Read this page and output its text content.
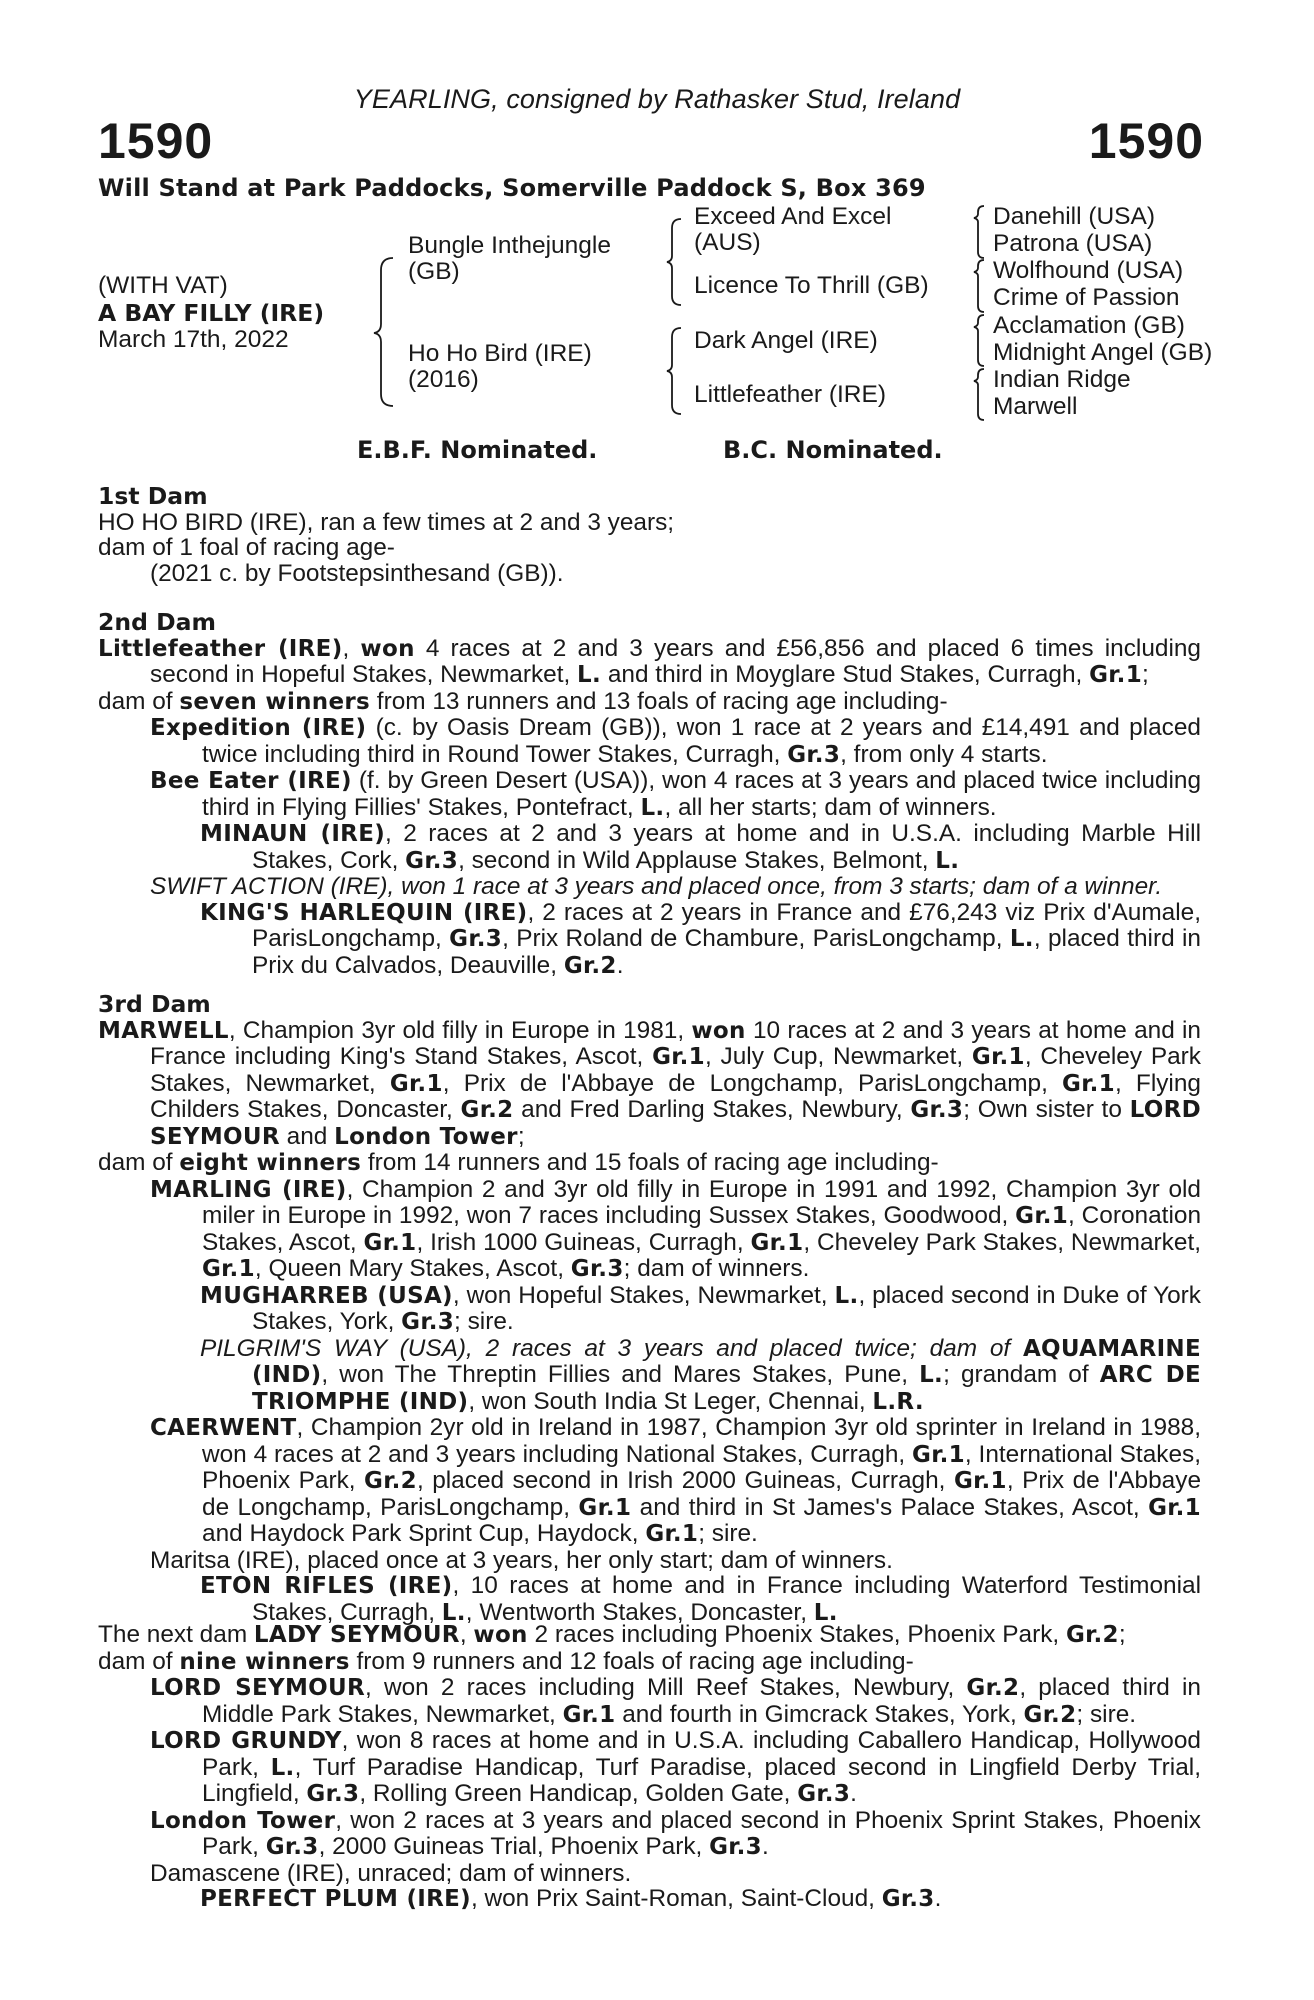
YEARLING, consigned by Rathasker Stud, Ireland
1590	1590
Will Stand at Park Paddocks, Somerville Paddock S, Box 369
(WITH VAT)
A BAY FILLY (IRE)
March 17th, 2022
Bungle Inthejungle
(GB)
Ho Ho Bird (IRE)
(2016)
Exceed And Excel
(AUS)
Licence To Thrill (GB)
Dark Angel (IRE)
Littlefeather (IRE)
Danehill (USA)
Patrona (USA)
Wolfhound (USA)
Crime of Passion
Acclamation (GB)
Midnight Angel (GB)
Indian Ridge
Marwell
E.B.F. Nominated.	B.C. Nominated.
1st Dam
HO HO BIRD (IRE), ran a few times at 2 and 3 years;
dam of 1 foal of racing age-
(2021 c. by Footstepsinthesand (GB)).
2nd Dam
Littlefeather (IRE), won 4 races at 2 and 3 years and £56,856 and placed 6 times including second in Hopeful Stakes, Newmarket, L. and third in Moyglare Stud Stakes, Curragh, Gr.1;
dam of seven winners from 13 runners and 13 foals of racing age including-
Expedition (IRE) (c. by Oasis Dream (GB)), won 1 race at 2 years and £14,491 and placed twice including third in Round Tower Stakes, Curragh, Gr.3, from only 4 starts.
Bee Eater (IRE) (f. by Green Desert (USA)), won 4 races at 3 years and placed twice including third in Flying Fillies' Stakes, Pontefract, L., all her starts; dam of winners.
MINAUN (IRE), 2 races at 2 and 3 years at home and in U.S.A. including Marble Hill Stakes, Cork, Gr.3, second in Wild Applause Stakes, Belmont, L.
SWIFT ACTION (IRE), won 1 race at 3 years and placed once, from 3 starts; dam of a winner.
KING'S HARLEQUIN (IRE), 2 races at 2 years in France and £76,243 viz Prix d'Aumale, ParisLongchamp, Gr.3, Prix Roland de Chambure, ParisLongchamp, L., placed third in Prix du Calvados, Deauville, Gr.2.
3rd Dam
MARWELL, Champion 3yr old filly in Europe in 1981, won 10 races at 2 and 3 years at home and in France including King's Stand Stakes, Ascot, Gr.1, July Cup, Newmarket, Gr.1, Cheveley Park Stakes, Newmarket, Gr.1, Prix de l'Abbaye de Longchamp, ParisLongchamp, Gr.1, Flying Childers Stakes, Doncaster, Gr.2 and Fred Darling Stakes, Newbury, Gr.3; Own sister to LORD SEYMOUR and London Tower;
dam of eight winners from 14 runners and 15 foals of racing age including-
MARLING (IRE), Champion 2 and 3yr old filly in Europe in 1991 and 1992, Champion 3yr old miler in Europe in 1992, won 7 races including Sussex Stakes, Goodwood, Gr.1, Coronation Stakes, Ascot, Gr.1, Irish 1000 Guineas, Curragh, Gr.1, Cheveley Park Stakes, Newmarket, Gr.1, Queen Mary Stakes, Ascot, Gr.3; dam of winners.
MUGHARREB (USA), won Hopeful Stakes, Newmarket, L., placed second in Duke of York Stakes, York, Gr.3; sire.
PILGRIM'S WAY (USA), 2 races at 3 years and placed twice; dam of AQUAMARINE (IND), won The Threptin Fillies and Mares Stakes, Pune, L.; grandam of ARC DE TRIOMPHE (IND), won South India St Leger, Chennai, L.R.
CAERWENT, Champion 2yr old in Ireland in 1987, Champion 3yr old sprinter in Ireland in 1988, won 4 races at 2 and 3 years including National Stakes, Curragh, Gr.1, International Stakes, Phoenix Park, Gr.2, placed second in Irish 2000 Guineas, Curragh, Gr.1, Prix de l'Abbaye de Longchamp, ParisLongchamp, Gr.1 and third in St James's Palace Stakes, Ascot, Gr.1 and Haydock Park Sprint Cup, Haydock, Gr.1; sire.
Maritsa (IRE), placed once at 3 years, her only start; dam of winners.
ETON RIFLES (IRE), 10 races at home and in France including Waterford Testimonial Stakes, Curragh, L., Wentworth Stakes, Doncaster, L.
The next dam LADY SEYMOUR, won 2 races including Phoenix Stakes, Phoenix Park, Gr.2;
dam of nine winners from 9 runners and 12 foals of racing age including-
LORD SEYMOUR, won 2 races including Mill Reef Stakes, Newbury, Gr.2, placed third in Middle Park Stakes, Newmarket, Gr.1 and fourth in Gimcrack Stakes, York, Gr.2; sire.
LORD GRUNDY, won 8 races at home and in U.S.A. including Caballero Handicap, Hollywood Park, L., Turf Paradise Handicap, Turf Paradise, placed second in Lingfield Derby Trial, Lingfield, Gr.3, Rolling Green Handicap, Golden Gate, Gr.3.
London Tower, won 2 races at 3 years and placed second in Phoenix Sprint Stakes, Phoenix Park, Gr.3, 2000 Guineas Trial, Phoenix Park, Gr.3.
Damascene (IRE), unraced; dam of winners.
PERFECT PLUM (IRE), won Prix Saint-Roman, Saint-Cloud, Gr.3.
